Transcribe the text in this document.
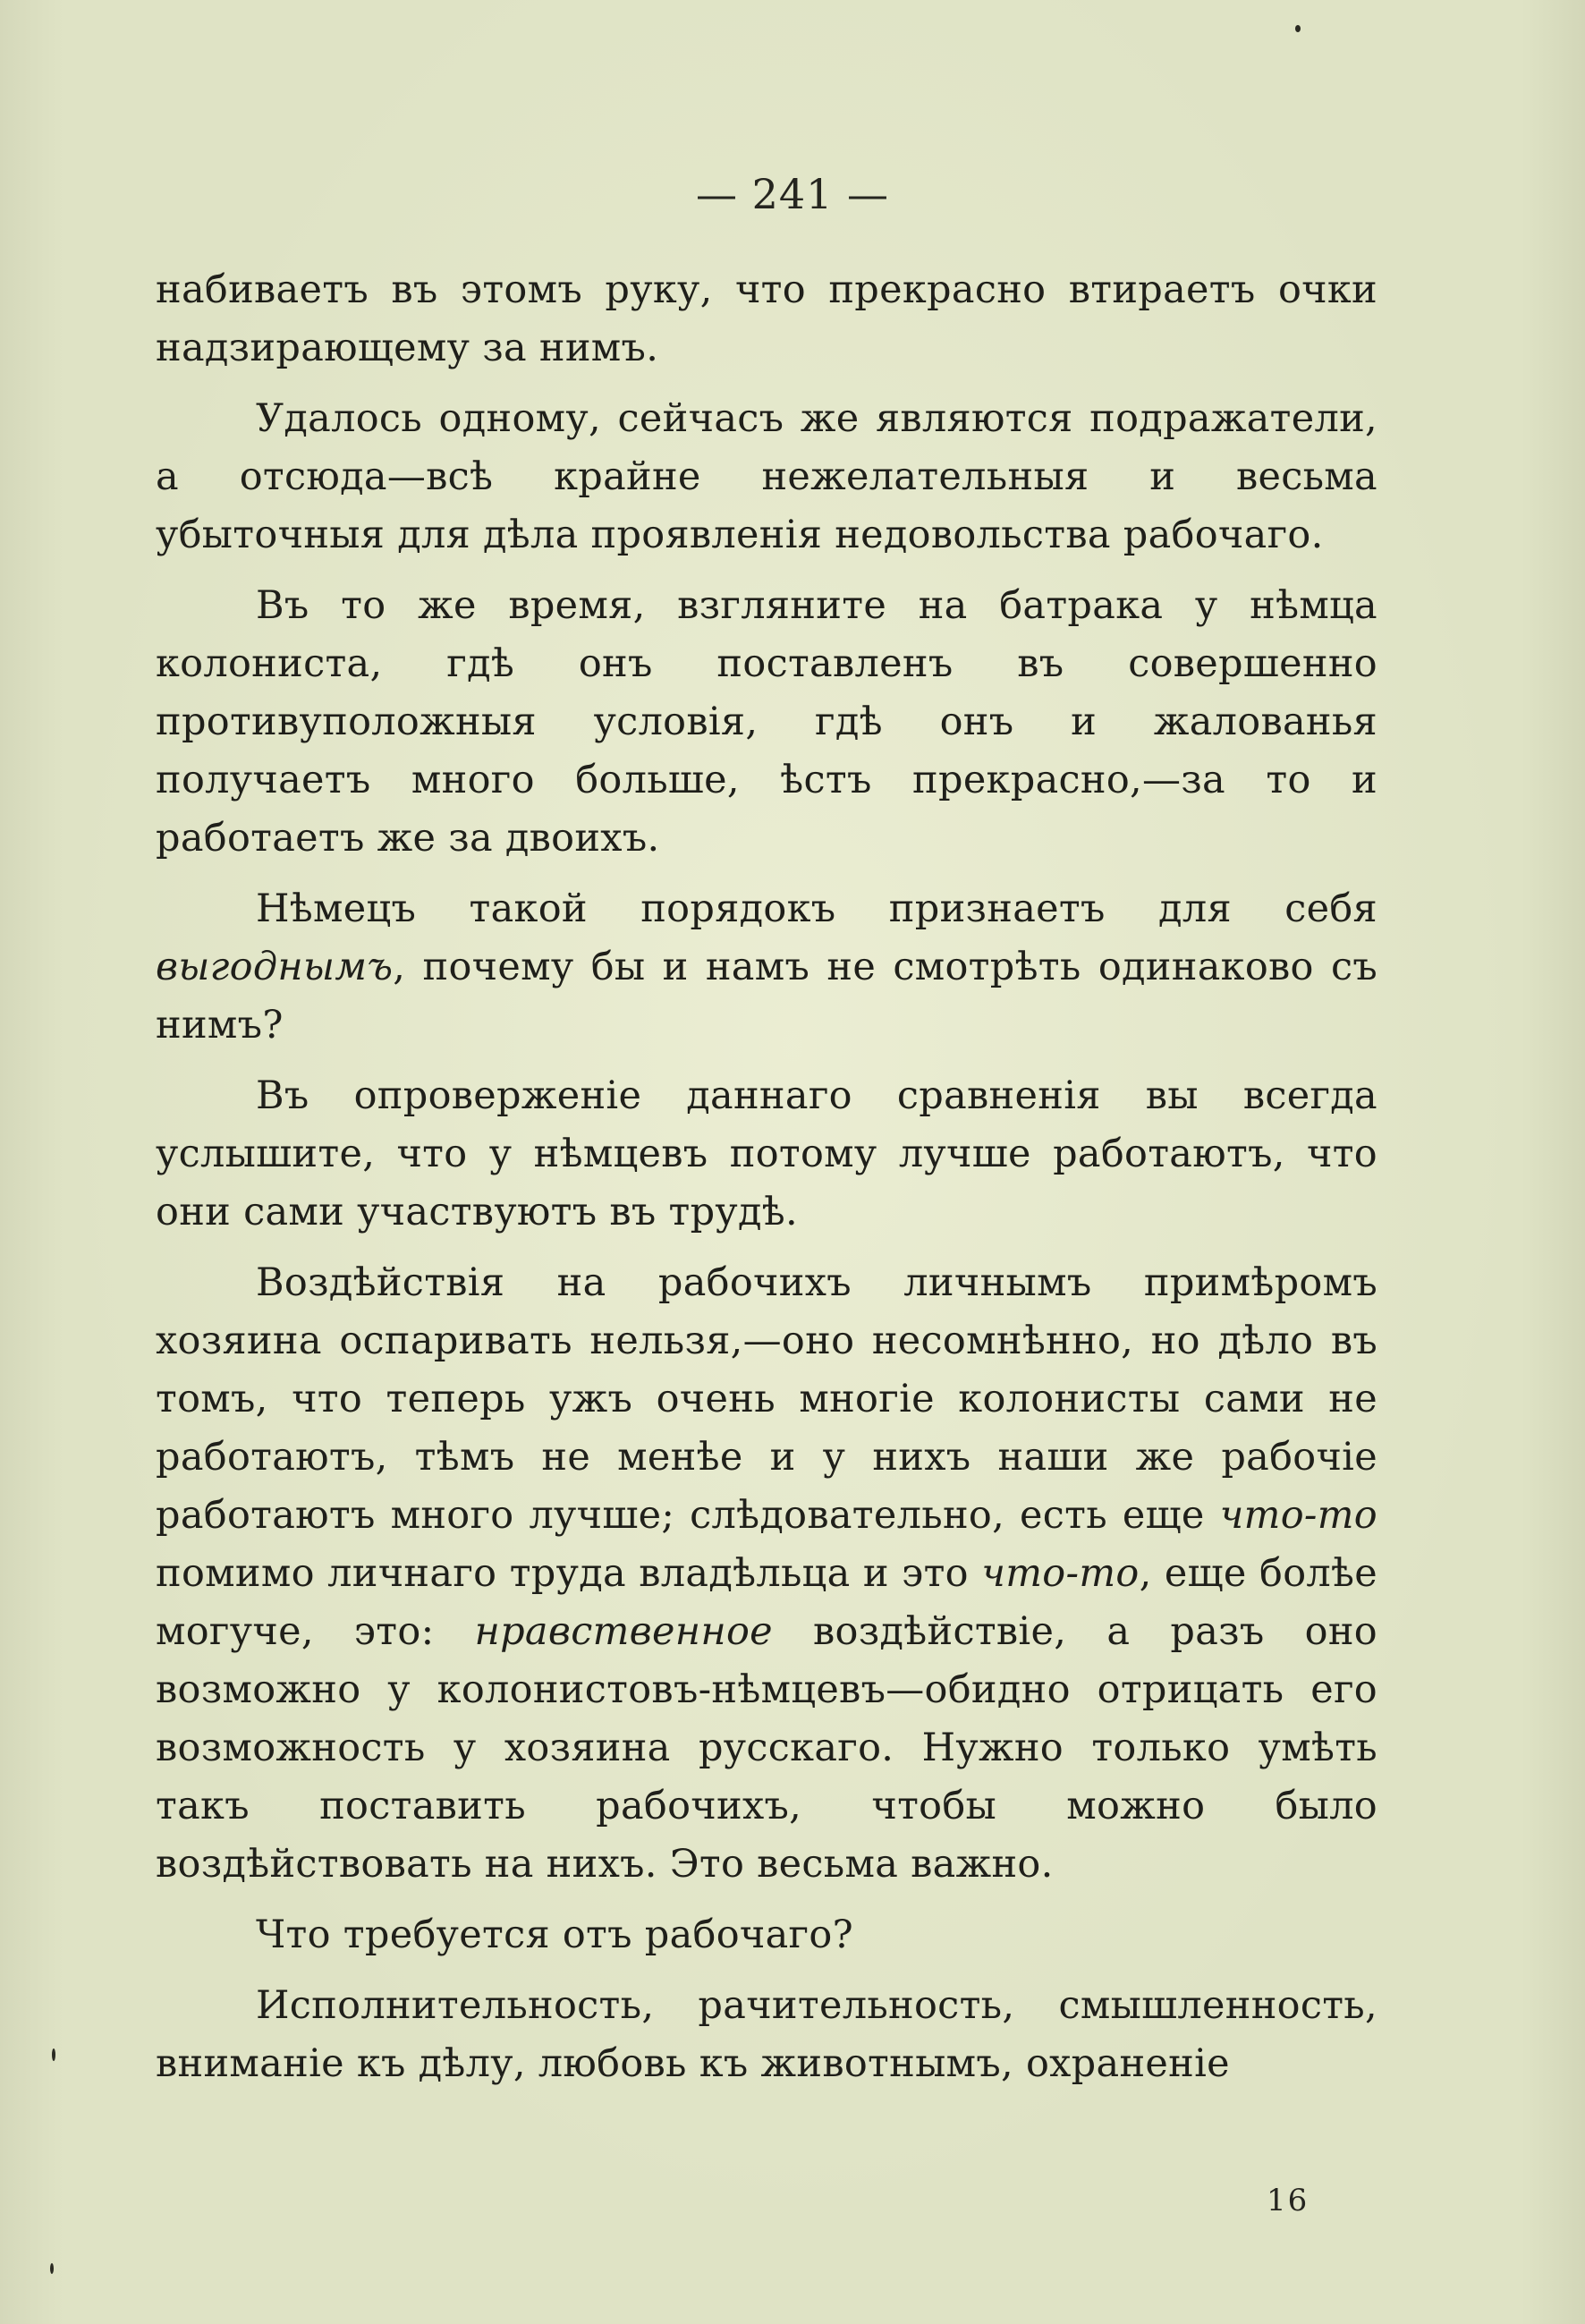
— 241 —

набиваетъ въ этомъ руку, что прекрасно втираетъ очки надзирающему за нимъ.

Удалось одному, сейчасъ же являются подражатели, а отсюда—всѣ крайне нежелательныя и весьма убыточныя для дѣла проявленія недовольства рабочаго.

Въ то же время, взгляните на батрака у нѣмца колониста, гдѣ онъ поставленъ въ совершенно противуположныя условія, гдѣ онъ и жалованья получаетъ много больше, ѣстъ прекрасно,—за то и работаетъ же за двоихъ.

Нѣмецъ такой порядокъ признаетъ для себя выгоднымъ, почему бы и намъ не смотрѣть одинаково съ нимъ?

Въ опроверженіе даннаго сравненія вы всегда услышите, что у нѣмцевъ потому лучше работаютъ, что они сами участвуютъ въ трудѣ.

Воздѣйствія на рабочихъ личнымъ примѣромъ хозяина оспаривать нельзя,—оно несомнѣнно, но дѣло въ томъ, что теперь ужъ очень многіе колонисты сами не работаютъ, тѣмъ не менѣе и у нихъ наши же рабочіе работаютъ много лучше; слѣдовательно, есть еще что-то помимо личнаго труда владѣльца и это что-то, еще болѣе могуче, это: нравственное воздѣйствіе, а разъ оно возможно у колонистовъ-нѣмцевъ—обидно отрицать его возможность у хозяина русскаго. Нужно только умѣть такъ поставить рабочихъ, чтобы можно было воздѣйствовать на нихъ. Это весьма важно.

Что требуется отъ рабочаго?

Исполнительность, рачительность, смышленность, вниманіе къ дѣлу, любовь къ животнымъ, охраненіе

16
